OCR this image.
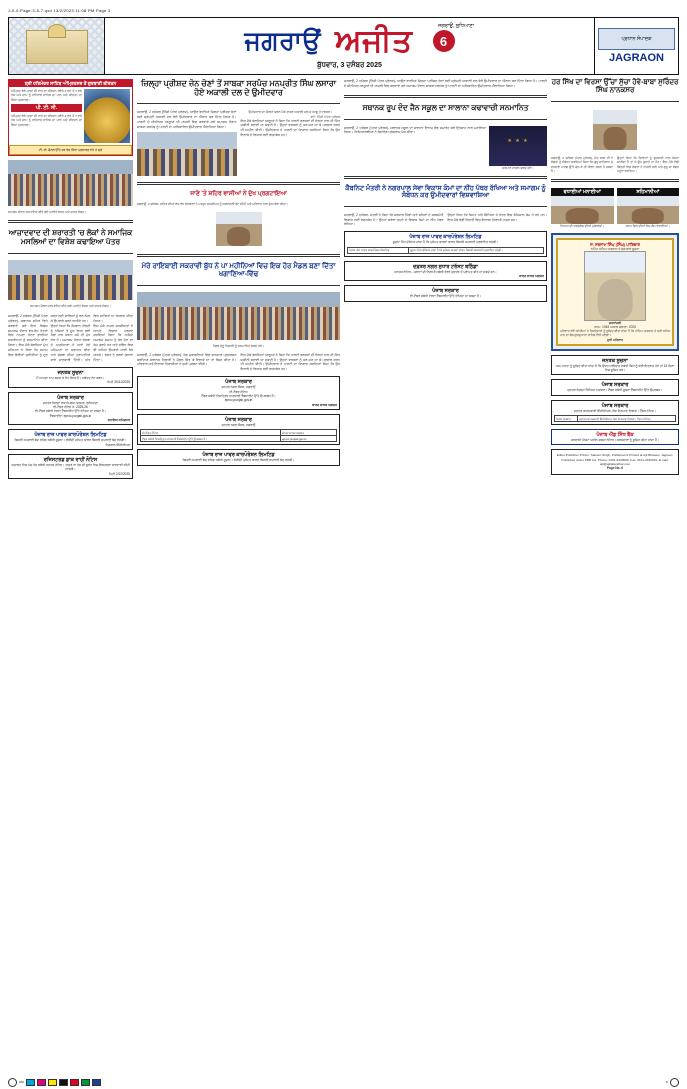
J-0-0-Page-3-6-7.qxd 13/2/2023 11:08 PM Page 3
ਜਗਰਾਉਂ, ਲੁਧਿਆਣਾ
ਜਗਰਾਉਂ ਅਜੀਤ	6
ਬੁੱਧਵਾਰ, 3 ਦਸੰਬਰ 2025
ਪ੍ਰਧਾਨ ਸੰਪਾਦਕ
JAGRAON
ਸ਼੍ਰੀ ਹਰਿਮੰਦਰ ਸਾਹਿਬ ਅੰਮ੍ਰਿਤਸਰ ਤੋਂ ਗੁਰਬਾਣੀ ਕੀਰਤਨ
ਅੰਮ੍ਰਿਤ ਵੇਲੇ ਆਸਾ ਦੀ ਵਾਰ ਦਾ ਕੀਰਤਨ ਸਵੇਰੇ 4 ਵਜੇ ਤੋਂ 7 ਵਜੇ ਤੱਕ ਅਤੇ ਸ਼ਾਮ ਨੂੰ ਰਹਿਰਾਸ ਸਾਹਿਬ ਦਾ ਪਾਠ ਅਤੇ ਕੀਰਤਨ ਦਾ ਸਿੱਧਾ ਪ੍ਰਸਾਰਣ।
ਪੀ. ਟੀ. ਸੀ.
ਅੰਮ੍ਰਿਤ ਵੇਲੇ ਆਸਾ ਦੀ ਵਾਰ ਦਾ ਕੀਰਤਨ ਸਵੇਰੇ 4 ਵਜੇ ਤੋਂ 7 ਵਜੇ ਤੱਕ ਅਤੇ ਸ਼ਾਮ ਨੂੰ ਰਹਿਰਾਸ ਸਾਹਿਬ ਦਾ ਪਾਠ ਅਤੇ ਕੀਰਤਨ ਦਾ ਸਿੱਧਾ ਪ੍ਰਸਾਰਣ।
ਟੀ. ਵੀ. ਚੈਨਲ ਉੱਤੇ ਹਰ ਰੋਜ਼ ਸਿੱਧਾ ਪ੍ਰਸਾਰਣ ਵੇਖੋ ਤੇ ਸੁਣੋ
ਸਮਾਗਮ ਦੌਰਾਨ ਸਨਮਾਨਿਤ ਕੀਤੇ ਗਏ ਪਤਵੰਤੇ ਸੱਜਣ ਅਤੇ ਹਾਜ਼ਰ ਸੰਗਤ।
ਆਜ਼ਾਦਵਾਦ ਦੀ ਸ਼ਰਾਰਤੀ 'ਚ ਲੋਕਾਂ ਨੇ ਸਮਾਜਿਕ ਮਸਲਿਆਂ ਦਾ ਵਿਸ਼ੇਸ਼ ਕਢਾਇਆ ਪੱਤਰ
ਸਮਾਗਮ ਦੌਰਾਨ ਸਨਮਾਨਿਤ ਕੀਤੇ ਗਏ ਪਤਵੰਤੇ ਸੱਜਣ ਅਤੇ ਹਾਜ਼ਰ ਸੰਗਤ।
ਜਗਰਾਉਂ, 2 ਦਸੰਬਰ (ਨਿੱਜੀ ਪੱਤਰ ਪ੍ਰੇਰਕ)- ਸਥਾਨਕ ਸ਼ਹਿਰ ਵਿਖੇ ਕਰਵਾਏ ਗਏ ਇਕ ਵਿਸ਼ੇਸ਼ ਸਮਾਗਮ ਦੌਰਾਨ ਵੱਖ-ਵੱਖ ਖੇਤਰਾਂ ਵਿਚ ਨਾਮਣਾ ਖੱਟਣ ਵਾਲੀਆਂ ਸ਼ਖਸੀਅਤਾਂ ਨੂੰ ਸਨਮਾਨਿਤ ਕੀਤਾ ਗਿਆ। ਇਸ ਮੌਕੇ ਬੋਲਦਿਆਂ ਮੁੱਖ ਮਹਿਮਾਨ ਨੇ ਕਿਹਾ ਕਿ ਸਮਾਜ ਵਿਚ ਫੈਲੀਆਂ ਕੁਰੀਤੀਆਂ ਨੂੰ ਦੂਰ ਕਰਨ ਲਈ ਸਾਰਿਆਂ ਨੂੰ ਰਲ-ਮਿਲ ਕੇ ਉਪਰਾਲੇ ਕਰਨੇ ਚਾਹੀਦੇ ਹਨ।
ਉਨ੍ਹਾਂ ਕਿਹਾ ਕਿ ਨੌਜਵਾਨ ਪੀੜ੍ਹੀ ਨੂੰ ਨਸ਼ਿਆਂ ਤੋਂ ਦੂਰ ਰੱਖਣ ਲਈ ਖੇਡਾਂ ਨਾਲ ਜੋੜਨਾ ਸਮੇਂ ਦੀ ਮੁੱਖ ਲੋੜ ਹੈ। ਸਮਾਗਮ ਦੌਰਾਨ ਸੰਸਥਾ ਦੇ ਅਹੁਦੇਦਾਰਾਂ ਨੇ ਆਏ ਹੋਏ ਮਹਿਮਾਨਾਂ ਦਾ ਸਵਾਗਤ ਕੀਤਾ ਅਤੇ ਸੰਸਥਾ ਦੀਆਂ ਪ੍ਰਾਪਤੀਆਂ ਬਾਰੇ ਜਾਣਕਾਰੀ ਦਿੱਤੀ। ਅੰਤ ਵਿਚ ਸਾਰਿਆਂ ਦਾ ਧੰਨਵਾਦ ਕੀਤਾ ਗਿਆ।
ਇਸ ਮੌਕੇ ਹਾਜ਼ਰ ਸ਼ਖਸੀਅਤਾਂ ਨੇ ਆਪਣੇ ਵਿਚਾਰ ਪ੍ਰਗਟ ਕਰਦਿਆਂ ਕਿਹਾ ਕਿ ਅਜਿਹੇ ਸਮਾਗਮ ਸਮਾਜ ਨੂੰ ਸੇਧ ਦੇਣ ਦਾ ਕੰਮ ਕਰਦੇ ਹਨ ਅਤੇ ਭਵਿੱਖ ਵਿਚ ਵੀ ਅਜਿਹੇ ਉਪਰਾਲੇ ਜਾਰੀ ਰੱਖੇ ਜਾਣਗੇ। ਸੰਗਤ ਨੇ ਭਰਵਾਂ ਹੁੰਗਾਰਾ ਦਿੱਤਾ।
ਜਨਤਕ ਸੂਚਨਾ
ਮੈਂ ਆਪਣਾ ਨਾਮ ਬਦਲ ਕੇ ਰੱਖ ਲਿਆ ਹੈ। ਸਬੰਧਤ ਨੋਟ ਕਰਨ।
ਮਿਤੀ 30/11/2025
ਪੰਜਾਬ ਸਰਕਾਰ
ਦਫ਼ਤਰ ਜ਼ਿਲ੍ਹਾ ਲੋਕ ਸੰਪਰਕ ਅਫ਼ਸਰ, ਲੁਧਿਆਣਾ
ਈ-ਟੈਂਡਰ ਨੋਟਿਸ ਨੰ. 2025-26
ਈ-ਟੈਂਡਰ ਸਬੰਧੀ ਵੇਰਵਾ ਵੈੱਬਸਾਈਟ ਉੱਤੇ ਵੇਖਿਆ ਜਾ ਸਕਦਾ ਹੈ।
ਵੈੱਬਸਾਈਟ: eproc.punjab.gov.in
ਸਹਾਇਕ ਕਮਿਸ਼ਨਰ
ਪੰਜਾਬ ਰਾਜ ਪਾਵਰ ਕਾਰਪੋਰੇਸ਼ਨ ਲਿਮਟਿਡ
ਬਿਜਲੀ ਸਪਲਾਈ ਬੰਦ ਰਹਿਣ ਸਬੰਧੀ ਸੂਚਨਾ। ਲੋੜੀਂਦੀ ਮੁਰੰਮਤ ਕਾਰਨ ਬਿਜਲੀ ਸਪਲਾਈ ਬੰਦ ਰਹੇਗੀ।
ਨਿਗਰਾਨ ਇੰਜੀਨੀਅਰ
ਰਜਿਸਟਰਡ ਡਾਕ ਰਾਹੀਂ ਨੋਟਿਸ
ਅਦਾਲਤ ਵਿਚ ਪੇਸ਼ ਹੋਣ ਸਬੰਧੀ ਜਨਤਕ ਨੋਟਿਸ। ਹਾਜ਼ਰ ਨਾ ਹੋਣ ਦੀ ਸੂਰਤ ਵਿਚ ਇਕਤਰਫ਼ਾ ਕਾਰਵਾਈ ਕੀਤੀ ਜਾਵੇਗੀ।
ਮਿਤੀ 2/12/2025
ਜ਼ਿਲ੍ਹਾ ਪ੍ਰੀਸ਼ਦ ਜ਼ੋਨ ਚੋਣਾਂ ਤੋਂ ਸਾਬਕਾ ਸਰਪੰਚ ਮਨਪ੍ਰੀਤ ਸਿੰਘ ਲਸਾਰਾ ਹੋਏ ਅਕਾਲੀ ਦਲ ਦੇ ਉਮੀਦਵਾਰ
ਜਗਰਾਉਂ, 2 ਦਸੰਬਰ (ਨਿੱਜੀ ਪੱਤਰ ਪ੍ਰੇਰਕ)- ਆਉਣ ਵਾਲੀਆਂ ਜ਼ਿਲ੍ਹਾ ਪ੍ਰੀਸ਼ਦ ਚੋਣਾਂ ਲਈ ਸ਼੍ਰੋਮਣੀ ਅਕਾਲੀ ਦਲ ਵੱਲੋਂ ਉਮੀਦਵਾਰ ਦਾ ਐਲਾਨ ਕਰ ਦਿੱਤਾ ਗਿਆ ਹੈ। ਪਾਰਟੀ ਦੇ ਸੀਨੀਅਰ ਆਗੂਆਂ ਦੀ ਹਾਜ਼ਰੀ ਵਿਚ ਕਰਵਾਏ ਗਏ ਸਮਾਗਮ ਦੌਰਾਨ ਸਾਬਕਾ ਸਰਪੰਚ ਨੂੰ ਪਾਰਟੀ ਦਾ ਅਧਿਕਾਰਿਤ ਉਮੀਦਵਾਰ ਐਲਾਨਿਆ ਗਿਆ।
ਉਮੀਦਵਾਰ ਦਾ ਐਲਾਨ ਕਰਨ ਮੌਕੇ ਹਾਜ਼ਰ ਅਕਾਲੀ ਦਲ ਦੇ ਆਗੂ ਤੇ ਵਰਕਰ।
ਫੋਟੋ: ਨਿੱਜੀ ਪੱਤਰ ਪ੍ਰੇਰਕ
ਇਸ ਮੌਕੇ ਬੋਲਦਿਆਂ ਆਗੂਆਂ ਨੇ ਕਿਹਾ ਕਿ ਪਾਰਟੀ ਵਰਕਰਾਂ ਦੀ ਏਕਤਾ ਨਾਲ ਹੀ ਜਿੱਤ ਯਕੀਨੀ ਬਣਾਈ ਜਾ ਸਕਦੀ ਹੈ। ਉਨ੍ਹਾਂ ਵਰਕਰਾਂ ਨੂੰ ਘਰ-ਘਰ ਜਾ ਕੇ ਪ੍ਰਚਾਰ ਕਰਨ ਦੀ ਅਪੀਲ ਕੀਤੀ। ਉਮੀਦਵਾਰ ਨੇ ਪਾਰਟੀ ਦਾ ਧੰਨਵਾਦ ਕਰਦਿਆਂ ਕਿਹਾ ਕਿ ਉਹ ਇਲਾਕੇ ਦੇ ਵਿਕਾਸ ਲਈ ਵਚਨਬੱਧ ਹਨ।
ਜਾਣੋ 'ਤੇ ਸ਼ਹਿਰ ਵਾਸੀਆਂ ਨੇ ਦੁੱਖ ਪ੍ਰਗਟਾਇਆ
ਜਗਰਾਉਂ, 2 ਦਸੰਬਰ- ਸ਼ਹਿਰ ਦੀਆਂ ਵੱਖ-ਵੱਖ ਸੰਸਥਾਵਾਂ ਨੇ ਮਰਹੂਮ ਸ਼ਖਸੀਅਤ ਨੂੰ ਸ਼ਰਧਾਂਜਲੀ ਭੇਟ ਕੀਤੀ ਅਤੇ ਪਰਿਵਾਰ ਨਾਲ ਦੁੱਖ ਸਾਂਝਾ ਕੀਤਾ।
ਮੇਰੇ ਰਾਇਬਾਈ ਸਕਰਾਵੀ ਬੁੱਧ ਨੇ ਪਾ ਮਹੀਨਿਆਂ ਵਿਚ ਇਕ ਹੋਰ ਮੈਡਲ ਬਣਾ ਦਿੱਤਾ ਖਗਾਣਿਆ-ਵਿੱਢ
ਮੈਡਲ ਜੇਤੂ ਖਿਡਾਰੀ ਨੂੰ ਸਨਮਾਨਿਤ ਕਰਦੇ ਹੋਏ।
ਜਗਰਾਉਂ, 2 ਦਸੰਬਰ (ਪੱਤਰ ਪ੍ਰੇਰਕ)- ਖੇਡ ਮੁਕਾਬਲਿਆਂ ਵਿਚ ਸ਼ਾਨਦਾਰ ਪ੍ਰਦਰਸ਼ਨ ਕਰਦਿਆਂ ਸਥਾਨਕ ਖਿਡਾਰੀ ਨੇ ਮੈਡਲ ਜਿੱਤ ਕੇ ਇਲਾਕੇ ਦਾ ਨਾਂ ਰੌਸ਼ਨ ਕੀਤਾ ਹੈ। ਪਰਿਵਾਰ ਅਤੇ ਇਲਾਕਾ ਨਿਵਾਸੀਆਂ ਨੇ ਖੁਸ਼ੀ ਪ੍ਰਗਟ ਕੀਤੀ।
ਇਸ ਮੌਕੇ ਬੋਲਦਿਆਂ ਆਗੂਆਂ ਨੇ ਕਿਹਾ ਕਿ ਪਾਰਟੀ ਵਰਕਰਾਂ ਦੀ ਏਕਤਾ ਨਾਲ ਹੀ ਜਿੱਤ ਯਕੀਨੀ ਬਣਾਈ ਜਾ ਸਕਦੀ ਹੈ। ਉਨ੍ਹਾਂ ਵਰਕਰਾਂ ਨੂੰ ਘਰ-ਘਰ ਜਾ ਕੇ ਪ੍ਰਚਾਰ ਕਰਨ ਦੀ ਅਪੀਲ ਕੀਤੀ। ਉਮੀਦਵਾਰ ਨੇ ਪਾਰਟੀ ਦਾ ਧੰਨਵਾਦ ਕਰਦਿਆਂ ਕਿਹਾ ਕਿ ਉਹ ਇਲਾਕੇ ਦੇ ਵਿਕਾਸ ਲਈ ਵਚਨਬੱਧ ਹਨ।
ਪੰਜਾਬ ਸਰਕਾਰ
ਦਫ਼ਤਰ ਨਗਰ ਕੌਂਸਲ, ਜਗਰਾਉਂ
ਈ-ਟੈਂਡਰ ਨੋਟਿਸ
ਟੈਂਡਰ ਸਬੰਧੀ ਵਿਸਤ੍ਰਿਤ ਜਾਣਕਾਰੀ ਵੈੱਬਸਾਈਟ ਉੱਤੇ ਉਪਲਬਧ ਹੈ।
eproc.punjab.gov.in
ਕਾਰਜ ਸਾਧਕ ਅਫ਼ਸਰ
ਪੰਜਾਬ ਸਰਕਾਰ
ਦਫ਼ਤਰ ਨਗਰ ਕੌਂਸਲ, ਜਗਰਾਉਂ
ਈ-ਟੈਂਡਰ ਨੋਟਿਸ	ਕਾਰਜ ਸਾਧਕ ਅਫ਼ਸਰ
ਟੈਂਡਰ ਸਬੰਧੀ ਵਿਸਤ੍ਰਿਤ ਜਾਣਕਾਰੀ ਵੈੱਬਸਾਈਟ ਉੱਤੇ ਉਪਲਬਧ ਹੈ।	eproc.punjab.gov.in
ਪੰਜਾਬ ਰਾਜ ਪਾਵਰ ਕਾਰਪੋਰੇਸ਼ਨ ਲਿਮਟਿਡ
ਬਿਜਲੀ ਸਪਲਾਈ ਬੰਦ ਰਹਿਣ ਸਬੰਧੀ ਸੂਚਨਾ। ਲੋੜੀਂਦੀ ਮੁਰੰਮਤ ਕਾਰਨ ਬਿਜਲੀ ਸਪਲਾਈ ਬੰਦ ਰਹੇਗੀ।
ਜਗਰਾਉਂ, 2 ਦਸੰਬਰ (ਨਿੱਜੀ ਪੱਤਰ ਪ੍ਰੇਰਕ)- ਆਉਣ ਵਾਲੀਆਂ ਜ਼ਿਲ੍ਹਾ ਪ੍ਰੀਸ਼ਦ ਚੋਣਾਂ ਲਈ ਸ਼੍ਰੋਮਣੀ ਅਕਾਲੀ ਦਲ ਵੱਲੋਂ ਉਮੀਦਵਾਰ ਦਾ ਐਲਾਨ ਕਰ ਦਿੱਤਾ ਗਿਆ ਹੈ। ਪਾਰਟੀ ਦੇ ਸੀਨੀਅਰ ਆਗੂਆਂ ਦੀ ਹਾਜ਼ਰੀ ਵਿਚ ਕਰਵਾਏ ਗਏ ਸਮਾਗਮ ਦੌਰਾਨ ਸਾਬਕਾ ਸਰਪੰਚ ਨੂੰ ਪਾਰਟੀ ਦਾ ਅਧਿਕਾਰਿਤ ਉਮੀਦਵਾਰ ਐਲਾਨਿਆ ਗਿਆ।
ਸਥਾਨਕ ਰੂਪ ਦੰਦ ਜੈਨ ਸਕੂਲ ਦਾ ਸਾਲਾਨਾ ਕਢਾਵਾਚੀ ਸਨਮਾਨਿਤ
ਜਗਰਾਉਂ, 2 ਦਸੰਬਰ (ਪੱਤਰ ਪ੍ਰੇਰਕ)- ਸਥਾਨਕ ਸਕੂਲ ਦਾ ਸਾਲਾਨਾ ਇਨਾਮ ਵੰਡ ਸਮਾਰੋਹ ਬੜੇ ਉਤਸ਼ਾਹ ਨਾਲ ਮਨਾਇਆ ਗਿਆ। ਵਿਦਿਆਰਥੀਆਂ ਨੇ ਰੰਗਾਰੰਗ ਪ੍ਰੋਗਰਾਮ ਪੇਸ਼ ਕੀਤਾ।
★ ★ ★
ਸਨਮਾਨ ਹਾਸਲ ਕਰਦੇ ਹੋਏ।
ਕੈਬਨਿਟ ਮੰਤਰੀ ਨੇ ਨਗਰਪਾਲ ਸੇਵਾ ਵਿਕਾਸ ਕੰਮਾਂ ਦਾ ਨੀਂਹ ਪੱਥਰ ਰੱਖਿਆ ਅਤੇ ਸਮਾਗਮ ਨੂੰ ਸੰਬੋਧਨ ਕਰ ਉਮੀਦਵਾਰਾਂ ਵਿਸ਼ਵਾਸ਼ਿਆ
ਜਗਰਾਉਂ, 2 ਦਸੰਬਰ- ਮੰਤਰੀ ਨੇ ਕਿਹਾ ਕਿ ਸਰਕਾਰ ਪਿੰਡਾਂ ਅਤੇ ਸ਼ਹਿਰਾਂ ਦੇ ਸਰਬਪੱਖੀ ਵਿਕਾਸ ਲਈ ਵਚਨਬੱਧ ਹੈ। ਉਨ੍ਹਾਂ ਕਰੋੜਾਂ ਰੁਪਏ ਦੇ ਵਿਕਾਸ ਕੰਮਾਂ ਦਾ ਨੀਂਹ ਪੱਥਰ ਰੱਖਿਆ।
ਉਨ੍ਹਾਂ ਕਿਹਾ ਕਿ ਸਿਹਤ ਅਤੇ ਸਿੱਖਿਆ ਦੇ ਖੇਤਰ ਵਿਚ ਬੇਮਿਸਾਲ ਕੰਮ ਹੋ ਰਹੇ ਹਨ। ਇਸ ਮੌਕੇ ਵੱਡੀ ਗਿਣਤੀ ਵਿਚ ਇਲਾਕਾ ਨਿਵਾਸੀ ਹਾਜ਼ਰ ਸਨ।
ਪੰਜਾਬ ਰਾਜ ਪਾਵਰ ਕਾਰਪੋਰੇਸ਼ਨ ਲਿਮਟਿਡ
ਸੂਚਨਾ ਹਿੱਤ ਦੱਸਿਆ ਜਾਂਦਾ ਹੈ ਕਿ ਮੁਰੰਮਤ ਕਾਰਜਾਂ ਕਾਰਨ ਬਿਜਲੀ ਸਪਲਾਈ ਪ੍ਰਭਾਵਿਤ ਰਹੇਗੀ।
ਪੰਜਾਬ ਰਾਜ ਪਾਵਰ ਕਾਰਪੋਰੇਸ਼ਨ ਲਿਮਟਿਡ	ਸੂਚਨਾ ਹਿੱਤ ਦੱਸਿਆ ਜਾਂਦਾ ਹੈ ਕਿ ਮੁਰੰਮਤ ਕਾਰਜਾਂ ਕਾਰਨ ਬਿਜਲੀ ਸਪਲਾਈ ਪ੍ਰਭਾਵਿਤ ਰਹੇਗੀ।
ਦਫ਼ਤਰ ਨਗਰ ਸੁਧਾਰ ਟਰੱਸਟ ਬਠਿੰਡਾ
ਜਨਤਕ ਨੋਟਿਸ - ਪਲਾਟਾਂ ਦੀ ਨਿਲਾਮੀ ਸਬੰਧੀ ਵੇਰਵੇ ਦਫ਼ਤਰ ਤੋਂ ਪ੍ਰਾਪਤ ਕੀਤੇ ਜਾ ਸਕਦੇ ਹਨ।
ਕਾਰਜ ਸਾਧਕ ਅਫ਼ਸਰ
ਪੰਜਾਬ ਸਰਕਾਰ
ਈ-ਟੈਂਡਰ ਸਬੰਧੀ ਵੇਰਵਾ ਵੈੱਬਸਾਈਟ ਉੱਤੇ ਵੇਖਿਆ ਜਾ ਸਕਦਾ ਹੈ।
ਹਰ ਸਿੱਖ ਦਾ ਵਿਰਸਾ ਉੱਚਾ ਸੁੱਚਾ ਹੋਵੇ-ਬਾਬਾ ਸੁਰਿੰਦਰ ਸਿੰਘ ਨਾਨਕਸਰ
ਜਗਰਾਉਂ, 2 ਦਸੰਬਰ (ਪੱਤਰ ਪ੍ਰੇਰਕ)- ਸੰਤ ਬਾਬਾ ਜੀ ਨੇ ਸੰਗਤਾਂ ਨੂੰ ਸੰਬੋਧਨ ਕਰਦਿਆਂ ਕਿਹਾ ਕਿ ਗੁਰੂ ਸਾਹਿਬਾਨ ਦੇ ਦਰਸਾਏ ਮਾਰਗ ਉੱਤੇ ਚੱਲ ਕੇ ਹੀ ਜੀਵਨ ਸਫਲ ਹੋ ਸਕਦਾ ਹੈ।
ਉਨ੍ਹਾਂ ਕਿਹਾ ਕਿ ਨੌਜਵਾਨਾਂ ਨੂੰ ਗੁਰਬਾਣੀ ਨਾਲ ਜੋੜਨਾ ਚਾਹੀਦਾ ਹੈ ਤਾਂ ਜੋ ਉਹ ਕੁਰਾਹੇ ਨਾ ਪੈਣ। ਇਸ ਮੌਕੇ ਵੱਡੀ ਗਿਣਤੀ ਵਿਚ ਸੰਗਤਾਂ ਨੇ ਹਾਜ਼ਰੀ ਭਰੀ ਅਤੇ ਗੁਰੂ ਕਾ ਲੰਗਰ ਅਟੁੱਟ ਵਰਤਿਆ।
ਵਧਾਈਆਂ ਮਨਾਈਆਂ
ਵਿਆਹ ਦੀ ਵਰ੍ਹੇਗੰਢ ਦੀਆਂ ਮੁਬਾਰਕਾਂ।
ਸਹਿਮਾਨੀਆਂ
ਜਨਮ ਦਿਨ ਦੀਆਂ ਲੱਖ-ਲੱਖ ਵਧਾਈਆਂ।
ਸ. ਸਤਨਾਮ ਸਿੰਘ (ਸਿੰਘ) ਪਾਰਿਵਾਰ
ਨਮਿੱਤ ਅੰਤਿਮ ਅਰਦਾਸ ਤੇ ਭੋਗ ਬਾਰੇ ਸੂਚਨਾ
ਸ਼ਰਧਾਂਜਲੀ
ਜਨਮ: 1948 ਅਕਾਲ ਚਲਾਣਾ: 2025
ਪਰਿਵਾਰ ਵੱਲੋਂ ਸਨੇਹੀਆਂ ਤੇ ਰਿਸ਼ਤੇਦਾਰਾਂ ਨੂੰ ਸੂਚਿਤ ਕੀਤਾ ਜਾਂਦਾ ਹੈ ਕਿ ਅੰਤਿਮ ਅਰਦਾਸ ਤੇ ਸ੍ਰੀ ਸਹਿਜ ਪਾਠ ਦਾ ਭੋਗ ਗੁਰਦੁਆਰਾ ਸਾਹਿਬ ਵਿਖੇ ਪਵੇਗਾ।
ਦੁਖੀ ਪਰਿਵਾਰ
ਜਨਤਕ ਸੂਚਨਾ
ਆਮ ਜਨਤਾ ਨੂੰ ਸੂਚਿਤ ਕੀਤਾ ਜਾਂਦਾ ਹੈ ਕਿ ਉਕਤ ਜਾਇਦਾਦ ਸਬੰਧੀ ਕਿਸੇ ਨੂੰ ਕੋਈ ਇਤਰਾਜ਼ ਹੋਵੇ ਤਾਂ 15 ਦਿਨਾਂ ਵਿਚ ਸੂਚਿਤ ਕਰੇ।
ਪੰਜਾਬ ਸਰਕਾਰ
ਦਫ਼ਤਰ ਜ਼ਿਲ੍ਹਾ ਸਿੱਖਿਆ ਅਫ਼ਸਰ। ਟੈਂਡਰ ਸਬੰਧੀ ਸੂਚਨਾ ਵੈੱਬਸਾਈਟ ਉੱਤੇ ਉਪਲਬਧ।
ਪੰਜਾਬ ਸਰਕਾਰ
ਦਫ਼ਤਰ ਕਾਰਜਕਾਰੀ ਇੰਜੀਨੀਅਰ, ਲੋਕ ਨਿਰਮਾਣ ਵਿਭਾਗ। ਟੈਂਡਰ ਨੋਟਿਸ।
ਪੰਜਾਬ ਸਰਕਾਰ	ਦਫ਼ਤਰ ਕਾਰਜਕਾਰੀ ਇੰਜੀਨੀਅਰ, ਲੋਕ ਨਿਰਮਾਣ ਵਿਭਾਗ। ਟੈਂਡਰ ਨੋਟਿਸ।
ਪੰਜਾਬ ਐਂਡ ਸਿੰਧ ਬੈਂਕ
ਸਰਫਾਸੀ ਐਕਟ ਅਧੀਨ ਕਬਜ਼ਾ ਨੋਟਿਸ। ਕਰਜ਼ਦਾਰਾਂ ਨੂੰ ਸੂਚਿਤ ਕੀਤਾ ਜਾਂਦਾ ਹੈ।
Editor-Publisher-Printer: Satnam Singh, Published & Printed at Ajit Bhawan, Jagraon. Published under PRB Act. Phone: 0161-2430000, Fax: 0161-2430001. E-mail: ajit@ajitjalandhar.com
Page No. 6
CM	K
